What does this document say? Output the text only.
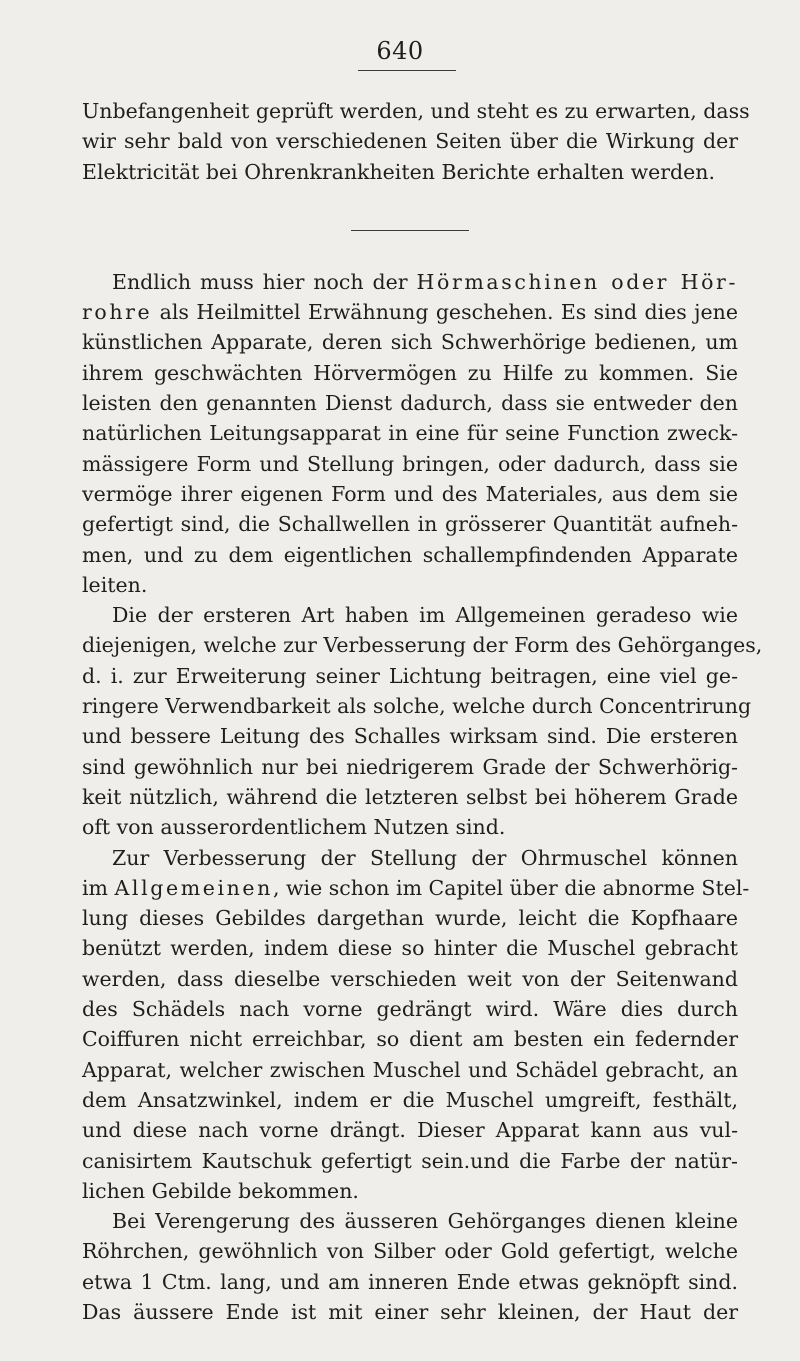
640

Unbefangenheit geprüft werden, und steht es zu erwarten, dass
wir sehr bald von verschiedenen Seiten über die Wirkung der
Elektricität bei Ohrenkrankheiten Berichte erhalten werden.

Endlich muss hier noch der Hörmaschinen oder Hör-
rohre als Heilmittel Erwähnung geschehen. Es sind dies jene
künstlichen Apparate, deren sich Schwerhörige bedienen, um
ihrem geschwächten Hörvermögen zu Hilfe zu kommen. Sie
leisten den genannten Dienst dadurch, dass sie entweder den
natürlichen Leitungsapparat in eine für seine Function zweck-
mässigere Form und Stellung bringen, oder dadurch, dass sie
vermöge ihrer eigenen Form und des Materiales, aus dem sie
gefertigt sind, die Schallwellen in grösserer Quantität aufneh-
men, und zu dem eigentlichen schallempfindenden Apparate
leiten.

Die der ersteren Art haben im Allgemeinen geradeso wie
diejenigen, welche zur Verbesserung der Form des Gehörganges,
d. i. zur Erweiterung seiner Lichtung beitragen, eine viel ge-
ringere Verwendbarkeit als solche, welche durch Concentrirung
und bessere Leitung des Schalles wirksam sind. Die ersteren
sind gewöhnlich nur bei niedrigerem Grade der Schwerhörig-
keit nützlich, während die letzteren selbst bei höherem Grade
oft von ausserordentlichem Nutzen sind.

Zur Verbesserung der Stellung der Ohrmuschel können
im Allgemeinen, wie schon im Capitel über die abnorme Stel-
lung dieses Gebildes dargethan wurde, leicht die Kopfhaare
benützt werden, indem diese so hinter die Muschel gebracht
werden, dass dieselbe verschieden weit von der Seitenwand
des Schädels nach vorne gedrängt wird. Wäre dies durch
Coiffuren nicht erreichbar, so dient am besten ein federnder
Apparat, welcher zwischen Muschel und Schädel gebracht, an
dem Ansatzwinkel, indem er die Muschel umgreift, festhält,
und diese nach vorne drängt. Dieser Apparat kann aus vul-
canisirtem Kautschuk gefertigt sein.und die Farbe der natür-
lichen Gebilde bekommen.

Bei Verengerung des äusseren Gehörganges dienen kleine
Röhrchen, gewöhnlich von Silber oder Gold gefertigt, welche
etwa 1 Ctm. lang, und am inneren Ende etwas geknöpft sind.
Das äussere Ende ist mit einer sehr kleinen, der Haut der
